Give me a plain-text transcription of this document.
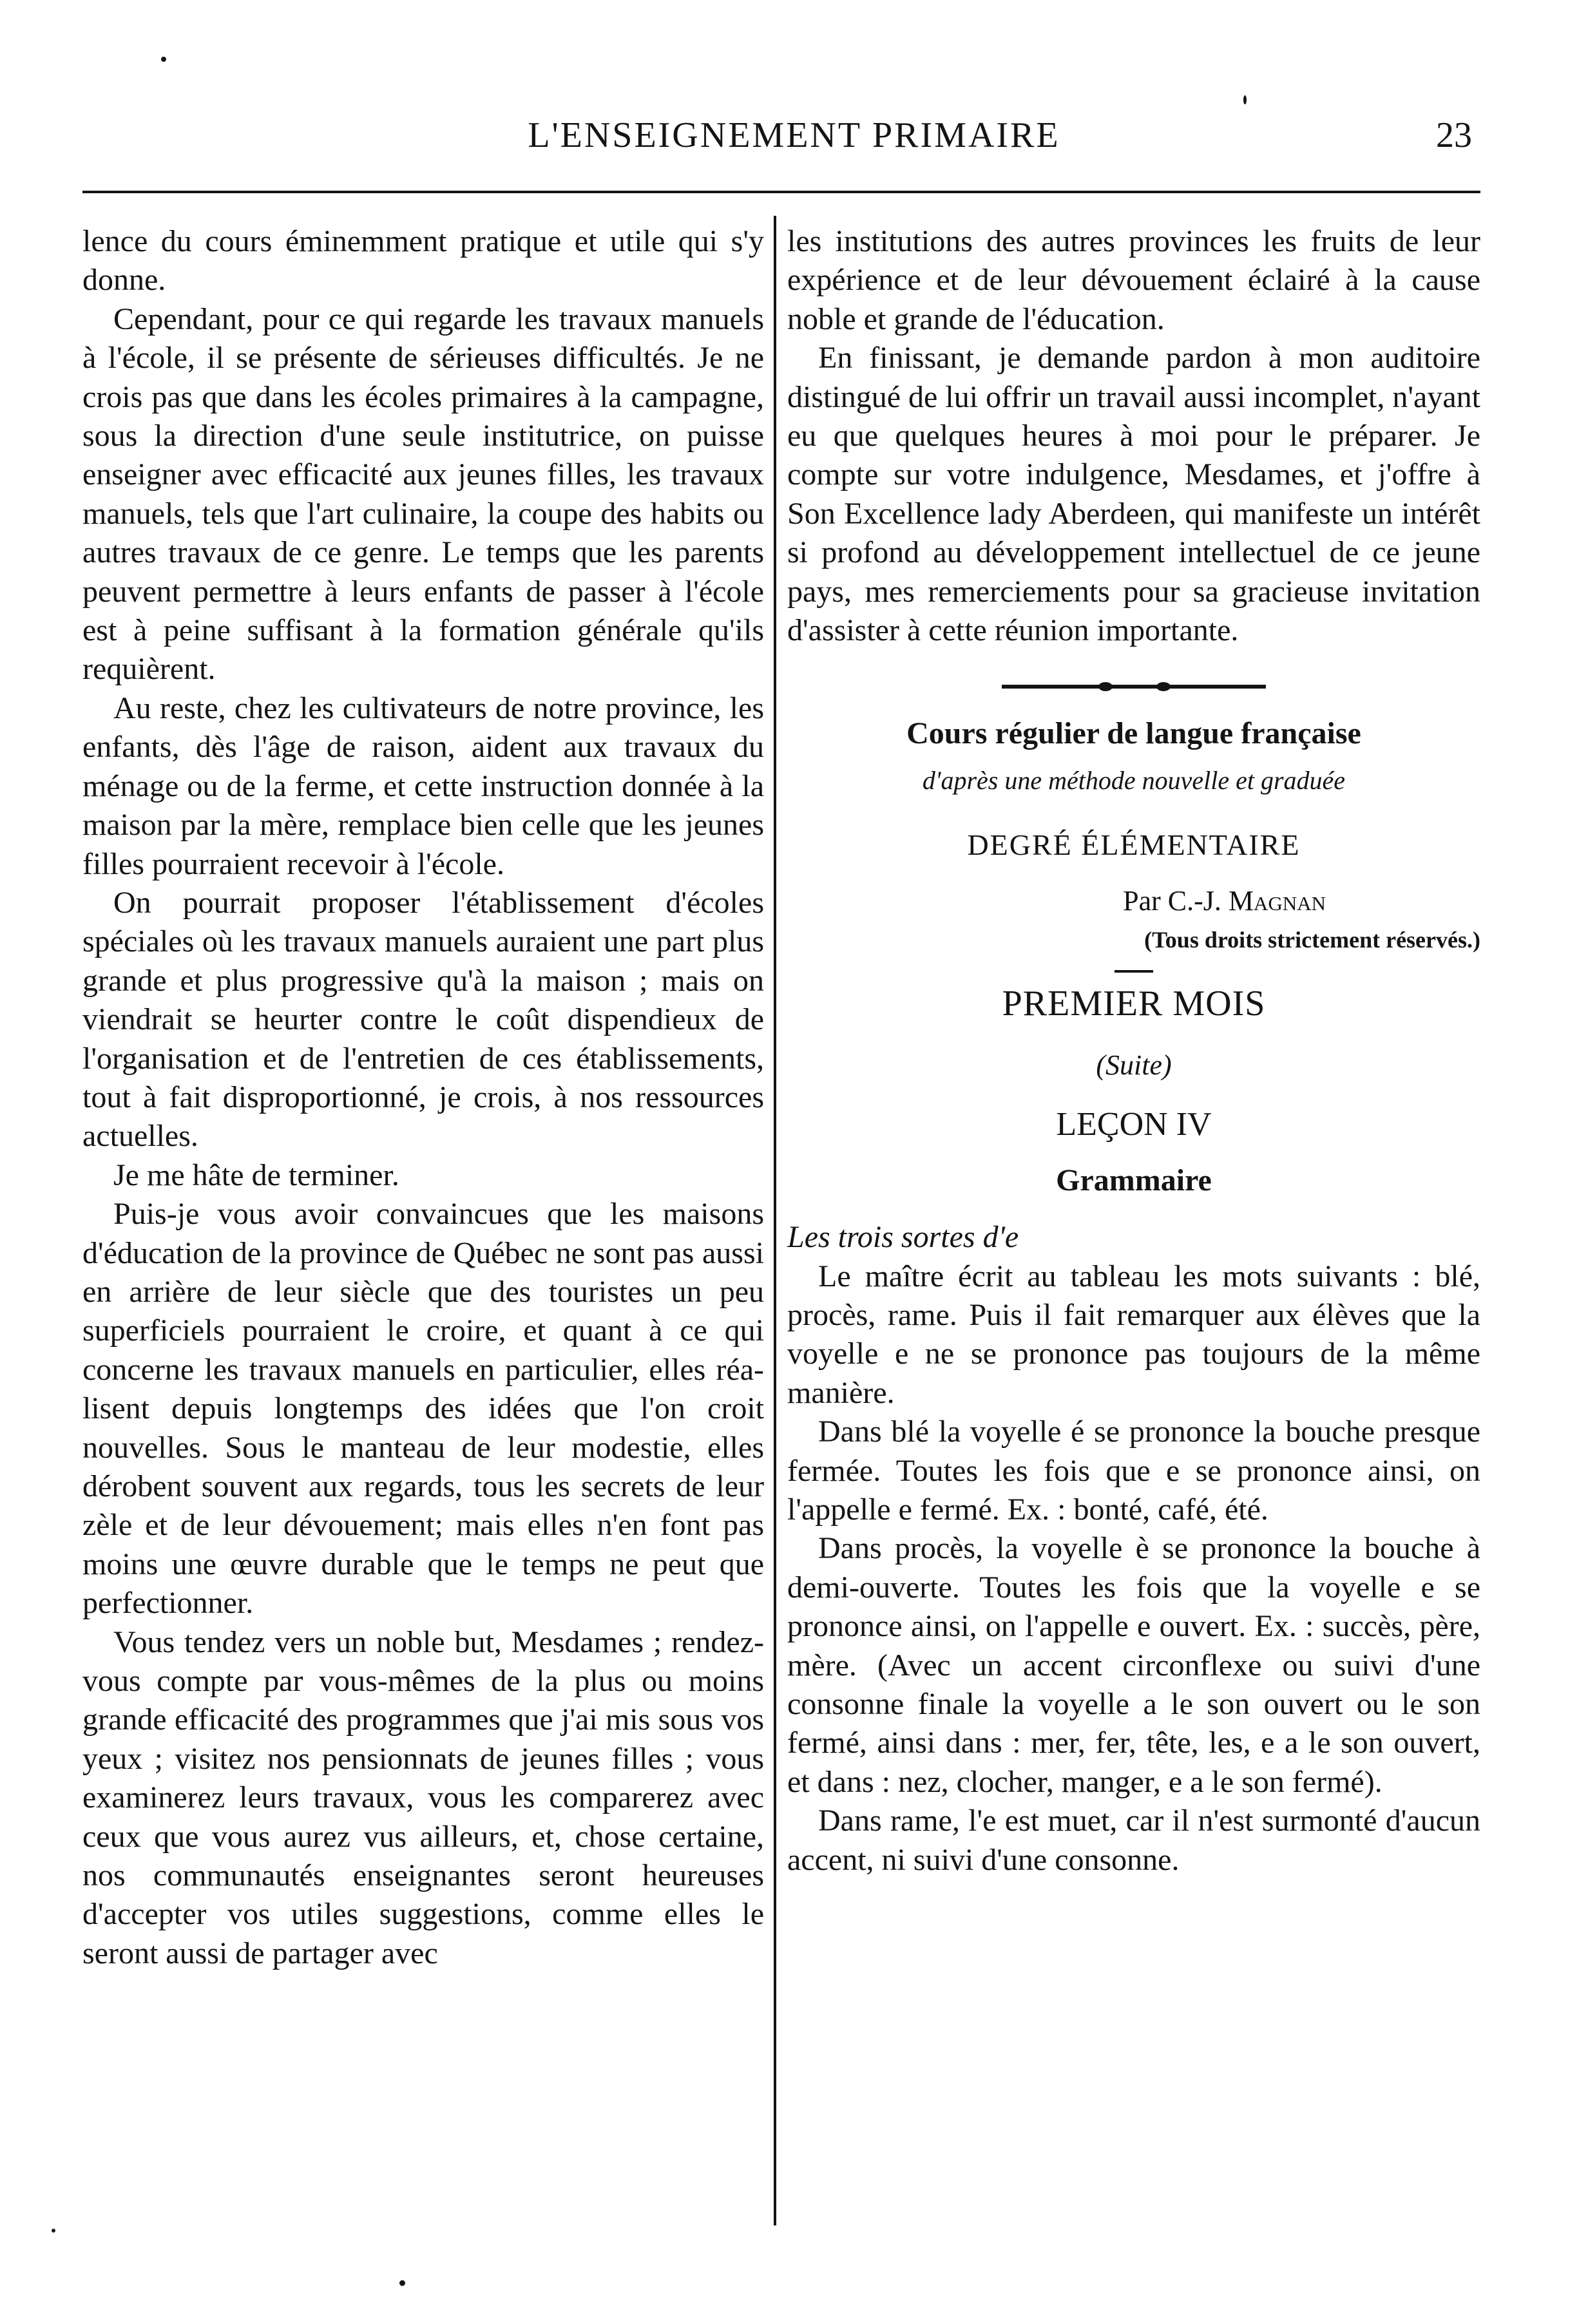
L'ENSEIGNEMENT PRIMAIRE	23

lence du cours éminemment pratique et utile qui s'y donne.

Cependant, pour ce qui regarde les travaux manuels à l'école, il se présente de sérieuses difficultés. Je ne crois pas que dans les écoles primaires à la campagne, sous la direction d'une seule institutrice, on puisse enseigner avec efficacité aux jeunes filles, les travaux manuels, tels que l'art culinaire, la coupe des habits ou autres travaux de ce genre. Le temps que les parents peuvent permettre à leurs enfants de passer à l'école est à peine suffisant à la formation générale qu'ils requièrent.

Au reste, chez les cultivateurs de notre province, les enfants, dès l'âge de raison, aident aux travaux du ménage ou de la ferme, et cette instruction donnée à la maison par la mère, remplace bien celle que les jeunes filles pourraient recevoir à l'école.

On pourrait proposer l'établissement d'écoles spéciales où les travaux manuels auraient une part plus grande et plus progressive qu'à la maison ; mais on viendrait se heurter contre le coût dispendieux de l'organisation et de l'entretien de ces établissements, tout à fait disproportionné, je crois, à nos ressources actuelles.

Je me hâte de terminer.

Puis-je vous avoir convaincues que les maisons d'éducation de la province de Québec ne sont pas aussi en arrière de leur siècle que des touristes un peu superficiels pourraient le croire, et quant à ce qui concerne les travaux manuels en particulier, elles réalisent depuis longtemps des idées que l'on croit nouvelles. Sous le manteau de leur modestie, elles dérobent souvent aux regards, tous les secrets de leur zèle et de leur dévouement; mais elles n'en font pas moins une œuvre durable que le temps ne peut que perfectionner.

Vous tendez vers un noble but, Mesdames ; rendez-vous compte par vous-mêmes de la plus ou moins grande efficacité des programmes que j'ai mis sous vos yeux ; visitez nos pensionnats de jeunes filles ; vous examinerez leurs travaux, vous les comparerez avec ceux que vous aurez vus ailleurs, et, chose certaine, nos communautés enseignantes seront heureuses d'accepter vos utiles suggestions, comme elles le seront aussi de partager avec

les institutions des autres provinces les fruits de leur expérience et de leur dévouement éclairé à la cause noble et grande de l'éducation.

En finissant, je demande pardon à mon auditoire distingué de lui offrir un travail aussi incomplet, n'ayant eu que quelques heures à moi pour le préparer. Je compte sur votre indulgence, Mesdames, et j'offre à Son Excellence lady Aberdeen, qui manifeste un intérêt si profond au développement intellectuel de ce jeune pays, mes remerciements pour sa gracieuse invitation d'assister à cette réunion importante.

Cours régulier de langue française
d'après une méthode nouvelle et graduée
DEGRÉ ÉLÉMENTAIRE
Par C.-J. Magnan
(Tous droits strictement réservés.)
PREMIER MOIS
(Suite)
LEÇON IV
Grammaire

Les trois sortes d'e

Le maître écrit au tableau les mots suivants : blé, procès, rame. Puis il fait remarquer aux élèves que la voyelle e ne se prononce pas toujours de la même manière.

Dans blé la voyelle é se prononce la bouche presque fermée. Toutes les fois que e se prononce ainsi, on l'appelle e fermé. Ex. : bonté, café, été.

Dans procès, la voyelle è se prononce la bouche à demi-ouverte. Toutes les fois que la voyelle e se prononce ainsi, on l'appelle e ouvert. Ex. : succès, père, mère. (Avec un accent circonflexe ou suivi d'une consonne finale la voyelle a le son ouvert ou le son fermé, ainsi dans : mer, fer, tête, les, e a le son ouvert, et dans : nez, clocher, manger, e a le son fermé).

Dans rame, l'e est muet, car il n'est surmonté d'aucun accent, ni suivi d'une consonne.
